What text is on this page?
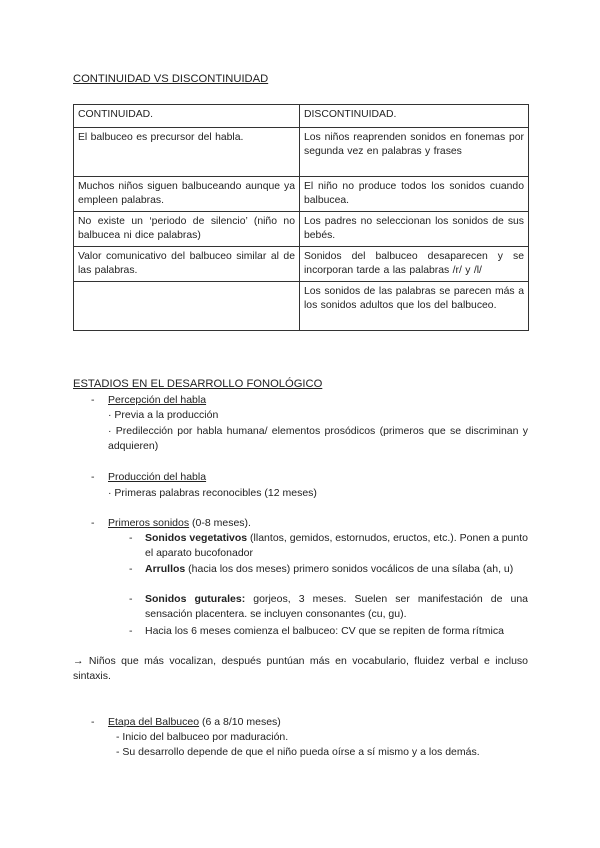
CONTINUIDAD VS DISCONTINUIDAD
CONTINUIDAD.	DISCONTINUIDAD.
El balbuceo es precursor del habla.	Los niños reaprenden sonidos en fonemas por segunda vez en palabras y frases
Muchos niños siguen balbuceando aunque ya empleen palabras.	El niño no produce todos los sonidos cuando balbucea.
No existe un ‘periodo de silencio’ (niño no balbucea ni dice palabras)	Los padres no seleccionan los sonidos de sus bebés.
Valor comunicativo del balbuceo similar al de las palabras.	Sonidos del balbuceo desaparecen y se incorporan tarde a las palabras /r/ y /l/
	Los sonidos de las palabras se parecen más a los sonidos adultos que los del balbuceo.
ESTADIOS EN EL DESARROLLO FONOLÓGICO
- Percepción del habla
· Previa a la producción
· Predilección por habla humana/ elementos prosódicos (primeros que se discriminan y adquieren)
- Producción del habla
· Primeras palabras reconocibles (12 meses)
- Primeros sonidos (0-8 meses).
- Sonidos vegetativos (llantos, gemidos, estornudos, eructos, etc.). Ponen a punto el aparato bucofonador
- Arrullos (hacia los dos meses) primero sonidos vocálicos de una sílaba (ah, u)
- Sonidos guturales: gorjeos, 3 meses. Suelen ser manifestación de una sensación placentera. se incluyen consonantes (cu, gu).
- Hacia los 6 meses comienza el balbuceo: CV que se repiten de forma rítmica
→ Niños que más vocalizan, después puntúan más en vocabulario, fluidez verbal e incluso sintaxis.
- Etapa del Balbuceo (6 a 8/10 meses)
- Inicio del balbuceo por maduración.
- Su desarrollo depende de que el niño pueda oírse a sí mismo y a los demás.
